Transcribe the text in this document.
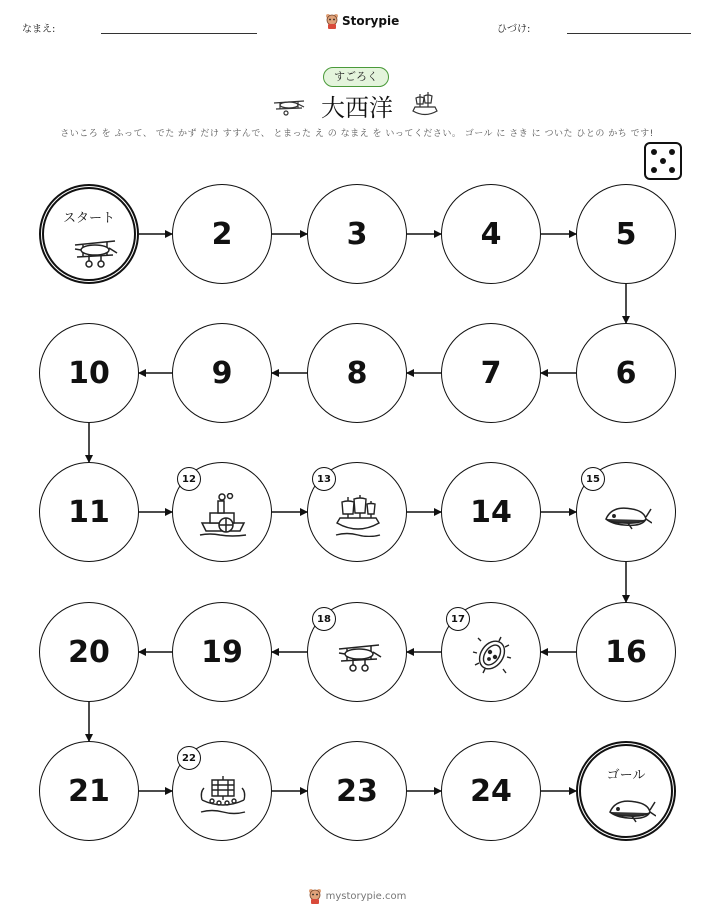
なまえ:
Storypie
ひづけ:
すごろく
大西洋
さいころ を ふって、 でた かず だけ すすんで、 とまった え の なまえ を いってください。 ゴール に さき に ついた ひとの かち です!
スタート	2	3	4	5
6
7
8
9
10
11
12	13
14
15
16
17
18
19
20
21
22
23	24	ゴール
mystorypie.com
